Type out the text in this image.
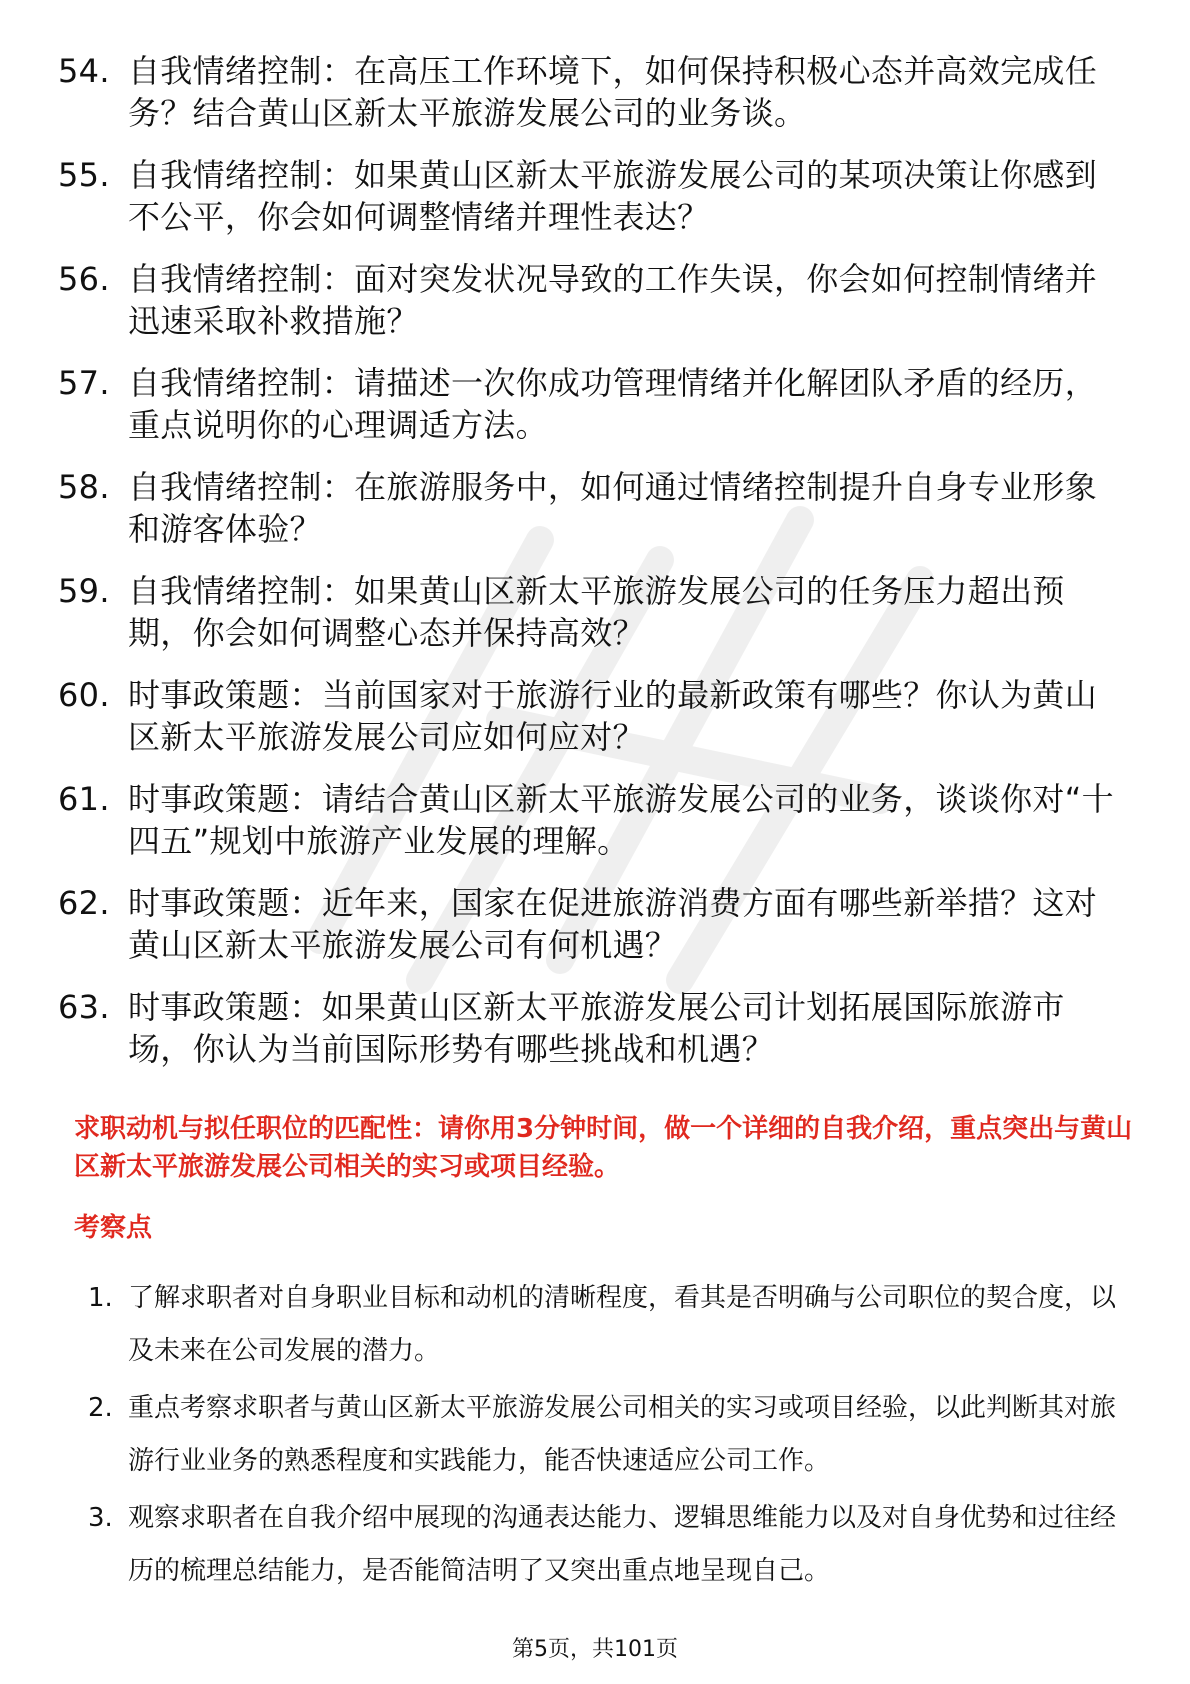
54. 自我情绪控制：在高压工作环境下，如何保持积极心态并高效完成任务？结合黄山区新太平旅游发展公司的业务谈。
55. 自我情绪控制：如果黄山区新太平旅游发展公司的某项决策让你感到不公平，你会如何调整情绪并理性表达？
56. 自我情绪控制：面对突发状况导致的工作失误，你会如何控制情绪并迅速采取补救措施？
57. 自我情绪控制：请描述一次你成功管理情绪并化解团队矛盾的经历，重点说明你的心理调适方法。
58. 自我情绪控制：在旅游服务中，如何通过情绪控制提升自身专业形象和游客体验？
59. 自我情绪控制：如果黄山区新太平旅游发展公司的任务压力超出预期，你会如何调整心态并保持高效？
60. 时事政策题：当前国家对于旅游行业的最新政策有哪些？你认为黄山区新太平旅游发展公司应如何应对？
61. 时事政策题：请结合黄山区新太平旅游发展公司的业务，谈谈你对“十四五”规划中旅游产业发展的理解。
62. 时事政策题：近年来，国家在促进旅游消费方面有哪些新举措？这对黄山区新太平旅游发展公司有何机遇？
63. 时事政策题：如果黄山区新太平旅游发展公司计划拓展国际旅游市场，你认为当前国际形势有哪些挑战和机遇？
求职动机与拟任职位的匹配性：请你用3分钟时间，做一个详细的自我介绍，重点突出与黄山区新太平旅游发展公司相关的实习或项目经验。
考察点
1. 了解求职者对自身职业目标和动机的清晰程度，看其是否明确与公司职位的契合度，以及未来在公司发展的潜力。
2. 重点考察求职者与黄山区新太平旅游发展公司相关的实习或项目经验，以此判断其对旅游行业业务的熟悉程度和实践能力，能否快速适应公司工作。
3. 观察求职者在自我介绍中展现的沟通表达能力、逻辑思维能力以及对自身优势和过往经历的梳理总结能力，是否能简洁明了又突出重点地呈现自己。
第5页，共101页
